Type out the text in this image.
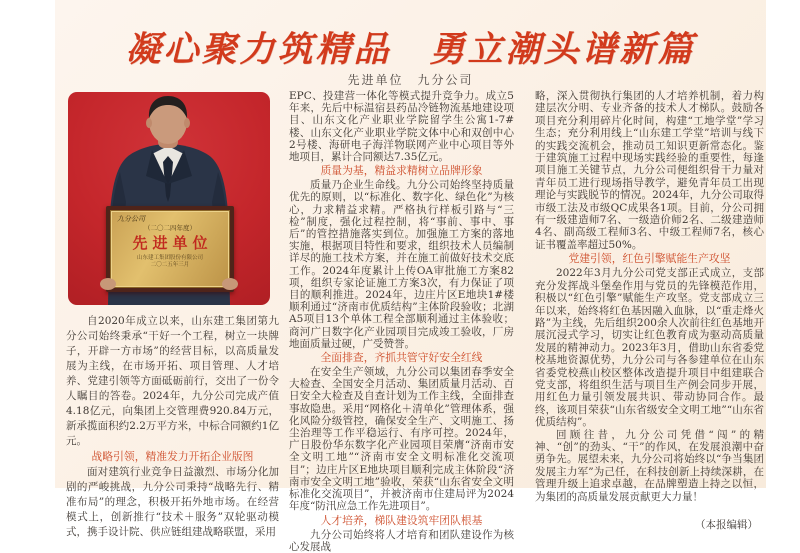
凝心聚力筑精品　勇立潮头谱新篇
先进单位　九分公司
九分公司
（二〇二四年度）
先进单位
山东建工集团股份有限公司
二〇二五年三月

自2020年成立以来，山东建工集团第九分公司始终秉承“干好一个工程，树立一块牌子，开辟一方市场”的经营目标，以高质量发展为主线，在市场开拓、项目管理、人才培养、党建引领等方面砥砺前行，交出了一份令人瞩目的答卷。2024年，九分公司完成产值4.18亿元，向集团上交管理费920.84万元，新承揽面积约2.2万平方米，中标合同额约1亿元。

战略引领，精准发力开拓企业版图

面对建筑行业竞争日益激烈、市场分化加剧的严峻挑战，九分公司秉持“战略先行、精准布局”的理念，积极开拓外地市场。在经营模式上，创新推行“技术＋服务”双轮驱动模式，携手设计院、供应链组建战略联盟，采用

EPC、投建营一体化等模式提升竞争力。成立5年来，先后中标温宿县药品冷链物流基地建设项目、山东文化产业职业学院留学生公寓1-7#楼、山东文化产业职业学院文体中心和双创中心2号楼、海研电子海洋物联网产业中心项目等外地项目，累计合同额达7.35亿元。

质量为基，精益求精树立品牌形象

质量乃企业生命线。九分公司始终坚持质量优先的原则，以“标准化、数字化、绿色化”为核心，力求精益求精。严格执行样板引路与“三检”制度，强化过程控制，将“事前、事中、事后”的管控措施落实到位。加强施工方案的落地实施，根据项目特性和要求，组织技术人员编制详尽的施工技术方案，并在施工前做好技术交底工作。2024年度累计上传OA审批施工方案82项，组织专家论证施工方案3次，有力保证了项目的顺利推进。2024年，边庄片区E地块1#楼顺利通过“济南市优质结构”主体阶段验收；北湖A5项目13个单体工程全部顺利通过主体验收；商河广日数字化产业园项目完成竣工验收，厂房地面质量过硬，广受赞誉。

全面排查，齐抓共管守好安全红线

在安全生产领域，九分公司以集团春季安全大检查、全国安全月活动、集团质量月活动、百日安全大检查及自查计划为工作主线，全面排查事故隐患。采用“网格化＋清单化”管理体系，强化风险分级管控，确保安全生产、文明施工、扬尘治理等工作平稳运行、有序可控。2024年，广日股份华东数字化产业园项目荣膺“济南市安全文明工地”“济南市安全文明标准化交流项目”；边庄片区E地块项目顺利完成主体阶段“济南市安全文明工地”验收，荣获“山东省安全文明标准化交流项目”，并被济南市住建局评为2024年度“防汛应急工作先进项目”。

人才培养，梯队建设筑牢团队根基

九分公司始终将人才培育和团队建设作为核心发展战

略，深入贯彻执行集团的人才培养机制，着力构建层次分明、专业齐备的技术人才梯队。鼓励各项目充分利用碎片化时间，构建“工地学堂”学习生态；充分利用线上“山东建工学堂”培训与线下的实践交流机会，推动员工知识更新常态化。鉴于建筑施工过程中现场实践经验的重要性，每逢项目施工关键节点，九分公司便组织骨干力量对青年员工进行现场指导教学，避免青年员工出现理论与实践脱节的情况。2024年，九分公司取得市级工法及市级QC成果各1项。目前，分公司拥有一级建造师7名、一级造价师2名、二级建造师4名、副高级工程师3名、中级工程师7名，核心证书覆盖率超过50%。

党建引领，红色引擎赋能生产攻坚

2022年3月九分公司党支部正式成立，支部充分发挥战斗堡垒作用与党员的先锋模范作用，积极以“红色引擎”赋能生产攻坚。党支部成立三年以来，始终将红色基因融入血脉，以“重走烽火路”为主线，先后组织200余人次前往红色基地开展沉浸式学习，切实让红色教育成为驱动高质量发展的精神动力。2023年3月，借助山东省委党校基地资源优势，九分公司与各参建单位在山东省委党校燕山校区整体改造提升项目中组建联合党支部，将组织生活与项目生产例会同步开展，用红色力量引领发展共识、带动协同合作。最终，该项目荣获“山东省级安全文明工地”“山东省优质结构”。

回顾往昔，九分公司凭借“闯”的精神、“创”的劲头、“干”的作风，在发展浪潮中奋勇争先。展望未来，九分公司将始终以“争当集团发展主力军”为己任，在科技创新上持续深耕，在管理升级上追求卓越，在品牌塑造上持之以恒，为集团的高质量发展贡献更大力量！

（本报编辑）
